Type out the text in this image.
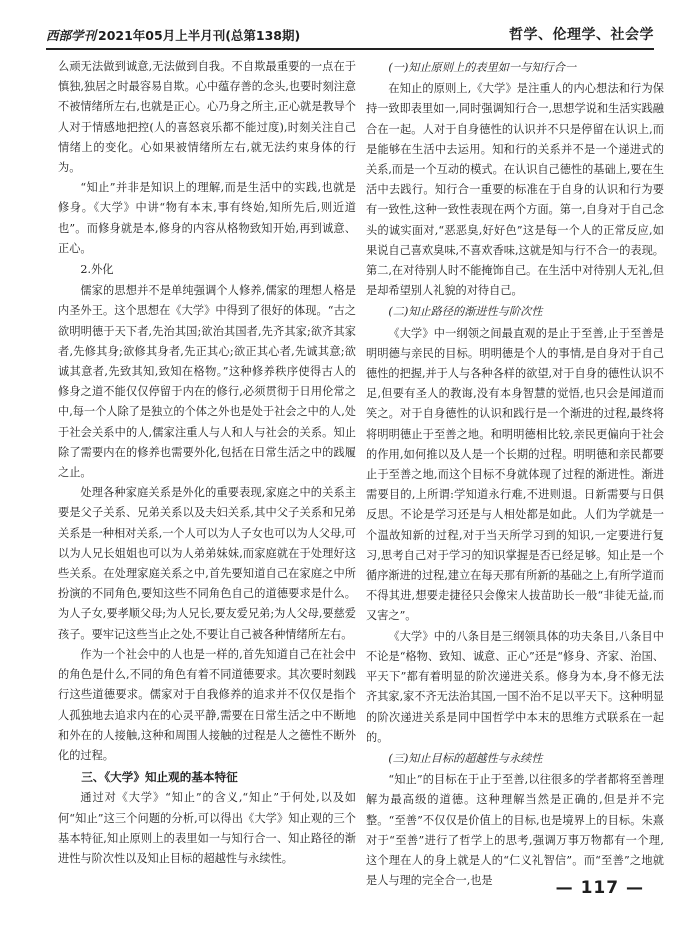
西部学刊 2021年05月上半月刊(总第138期)	哲学、伦理学、社会学

么顽无法做到诚意,无法做到自我。不自欺最重要的一点在于慎独,独居之时最容易自欺。心中蕴存善的念头,也要时刻注意不被情绪所左右,也就是正心。心乃身之所主,正心就是教导个人对于情感地把控(人的喜怒哀乐都不能过度),时刻关注自己情绪上的变化。心如果被情绪所左右,就无法约束身体的行为。

“知止”并非是知识上的理解,而是生活中的实践,也就是修身。《大学》中讲“物有本末,事有终始,知所先后,则近道也”。而修身就是本,修身的内容从格物致知开始,再到诚意、正心。

2.外化

儒家的思想并不是单纯强调个人修养,儒家的理想人格是内圣外王。这个思想在《大学》中得到了很好的体现。“古之欲明明德于天下者,先治其国;欲治其国者,先齐其家;欲齐其家者,先修其身;欲修其身者,先正其心;欲正其心者,先诚其意;欲诚其意者,先致其知,致知在格物。”这种修养秩序使得古人的修身之道不能仅仅停留于内在的修行,必须贯彻于日用伦常之中,每一个人除了是独立的个体之外也是处于社会之中的人,处于社会关系中的人,儒家注重人与人和人与社会的关系。知止除了需要内在的修养也需要外化,包括在日常生活之中的践履之止。

处理各种家庭关系是外化的重要表现,家庭之中的关系主要是父子关系、兄弟关系以及夫妇关系,其中父子关系和兄弟关系是一种相对关系,一个人可以为人子女也可以为人父母,可以为人兄长姐姐也可以为人弟弟妹妹,而家庭就在于处理好这些关系。在处理家庭关系之中,首先要知道自己在家庭之中所扮演的不同角色,要知这些不同角色自己的道德要求是什么。为人子女,要孝顺父母;为人兄长,要友爱兄弟;为人父母,要慈爱孩子。要牢记这些当止之处,不要让自己被各种情绪所左右。

作为一个社会中的人也是一样的,首先知道自己在社会中的角色是什么,不同的角色有着不同道德要求。其次要时刻践行这些道德要求。儒家对于自我修养的追求并不仅仅是指个人孤独地去追求内在的心灵平静,需要在日常生活之中不断地和外在的人接触,这种和周围人接触的过程是人之德性不断外化的过程。

三、《大学》知止观的基本特征

通过对《大学》“知止”的含义,“知止”于何处,以及如何“知止”这三个问题的分析,可以得出《大学》知止观的三个基本特征,知止原则上的表里如一与知行合一、知止路径的渐进性与阶次性以及知止目标的超越性与永续性。

(一)知止原则上的表里如一与知行合一

在知止的原则上,《大学》是注重人的内心想法和行为保持一致即表里如一,同时强调知行合一,思想学说和生活实践融合在一起。人对于自身德性的认识并不只是停留在认识上,而是能够在生活中去运用。知和行的关系并不是一个递进式的关系,而是一个互动的模式。在认识自己德性的基础上,要在生活中去践行。知行合一重要的标准在于自身的认识和行为要有一致性,这种一致性表现在两个方面。第一,自身对于自己念头的诚实面对,“恶恶臭,好好色”这是每一个人的正常反应,如果说自己喜欢臭味,不喜欢香味,这就是知与行不合一的表现。第二,在对待别人时不能掩饰自己。在生活中对待别人无礼,但是却希望别人礼貌的对待自己。

(二)知止路径的渐进性与阶次性

《大学》中一纲领之间最直观的是止于至善,止于至善是明明德与亲民的目标。明明德是个人的事情,是自身对于自己德性的把握,并于人与各种各样的欲望,对于自身的德性认识不足,但要有圣人的教诲,没有本身智慧的觉悟,也只会是闻道而笑之。对于自身德性的认识和践行是一个渐进的过程,最终将将明明德止于至善之地。和明明德相比较,亲民更偏向于社会的作用,如何推以及人是一个长期的过程。明明德和亲民都要止于至善之地,而这个目标不身就体现了过程的渐进性。渐进需要目的,上所谓:学知道永行难,不进则退。日新需要与日俱反思。不论是学习还是与人相处都是如此。人们为学就是一个温故知新的过程,对于当天所学习到的知识,一定要进行复习,思考自己对于学习的知识掌握是否已经足够。知止是一个循序渐进的过程,建立在每天那有所新的基础之上,有所学道而不得其进,想要走捷径只会像宋人拔苗助长一般“非徒无益,而又害之”。

《大学》中的八条目是三纲领具体的功夫条目,八条目中不论是“格物、致知、诚意、正心”还是“修身、齐家、治国、平天下”都有着明显的阶次递进关系。修身为本,身不修无法齐其家,家不齐无法治其国,一国不治不足以平天下。这种明显的阶次递进关系是同中国哲学中本末的思维方式联系在一起的。

(三)知止目标的超越性与永续性

“知止”的目标在于止于至善,以往很多的学者都将至善理解为最高级的道德。这种理解当然是正确的,但是并不完整。“至善”不仅仅是价值上的目标,也是境界上的目标。朱熹对于“至善”进行了哲学上的思考,强调万事万物都有一个理,这个理在人的身上就是人的“仁义礼智信”。而“至善”之地就是人与理的完全合一,也是	— 117 —
